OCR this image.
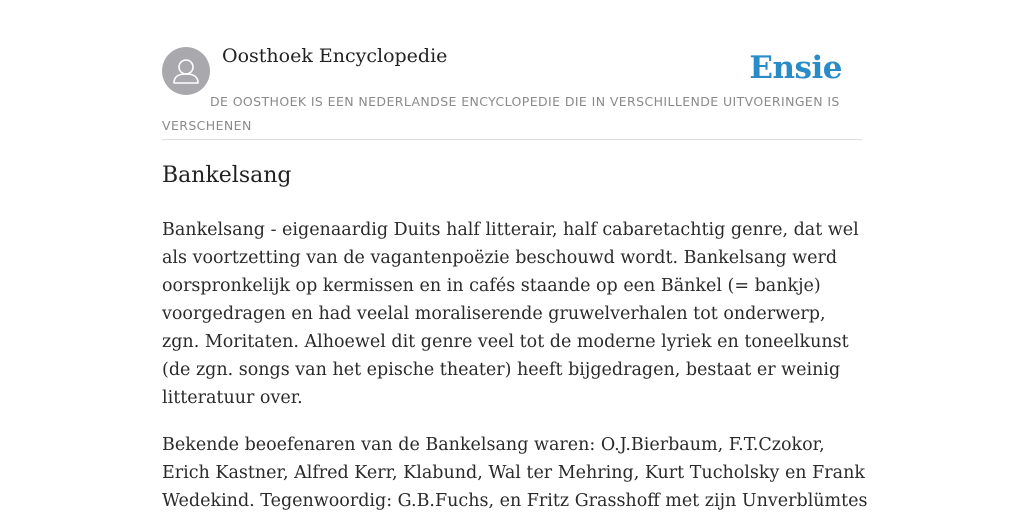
Oosthoek Encyclopedie	Ensie
DE OOSTHOEK IS EEN NEDERLANDSE ENCYCLOPEDIE DIE IN VERSCHILLENDE UITVOERINGEN IS VERSCHENEN
Bankelsang

Bankelsang - eigenaardig Duits half litterair, half cabaretachtig genre, dat wel als voortzetting van de vagantenpoëzie beschouwd wordt. Bankelsang werd oorspronkelijk op kermissen en in cafés staande op een Bänkel (= bankje) voorgedragen en had veelal moraliserende gruwelverhalen tot onderwerp, zgn. Moritaten. Alhoewel dit genre veel tot de moderne lyriek en toneelkunst (de zgn. songs van het epische theater) heeft bijgedragen, bestaat er weinig litteratuur over.

Bekende beoefenaren van de Bankelsang waren: O.J.Bierbaum, F.T.Czokor, Erich Kastner, Alfred Kerr, Klabund, Wal ter Mehring, Kurt Tucholsky en Frank Wedekind. Tegenwoordig: G.B.Fuchs, en Fritz Grasshoff met zijn Unverblümtes
